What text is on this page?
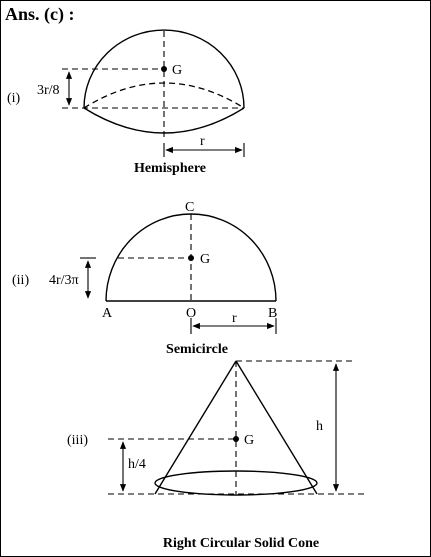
Ans. (c) :
(i)
3r/8
G
r
Hemisphere
(ii) 4r/3π
G
C
A	O	B
r
Semicircle
(iii)
h/4
G
h
Right Circular Solid Cone
